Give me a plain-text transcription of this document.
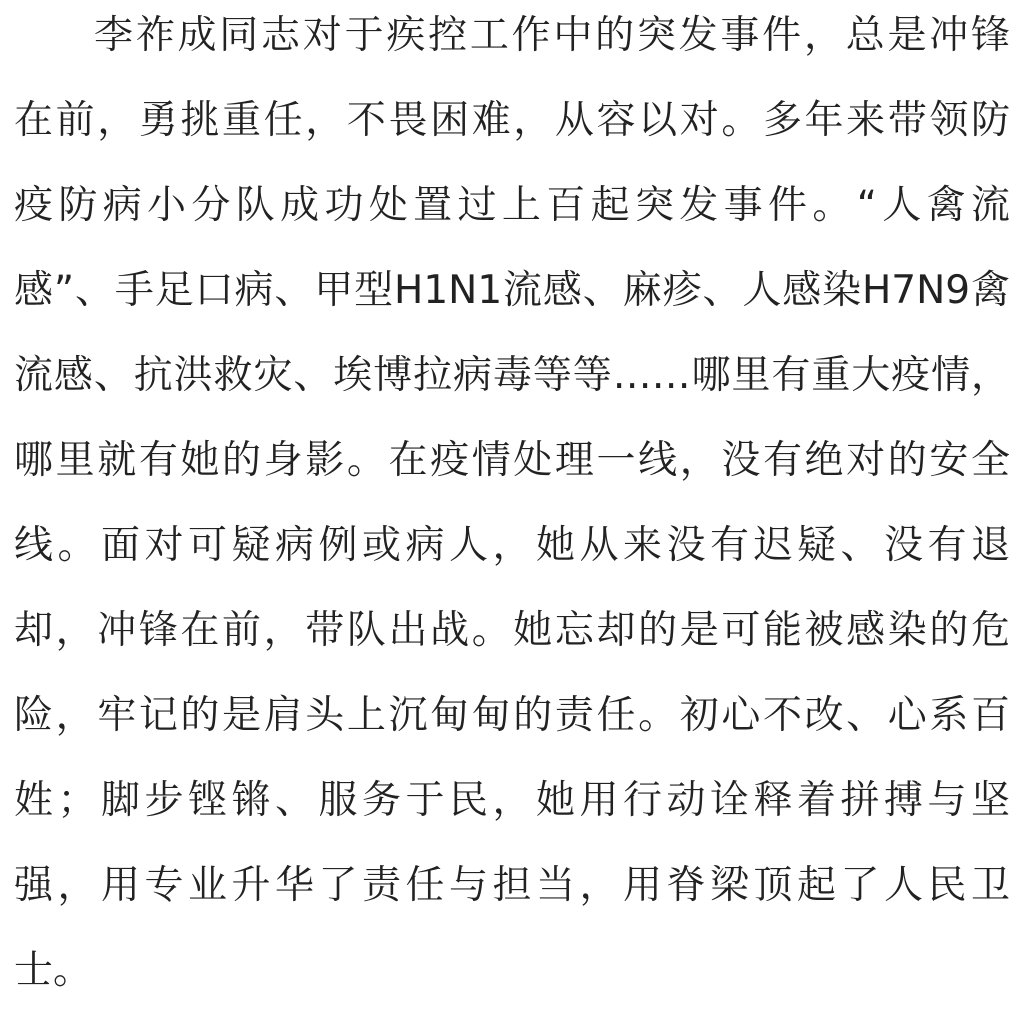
李祚成同志对于疾控工作中的突发事件，总是冲锋
在前，勇挑重任，不畏困难，从容以对。多年来带领防
疫防病小分队成功处置过上百起突发事件。“人禽流
感”、手足口病、甲型H1N1流感、麻疹、人感染H7N9禽
流感、抗洪救灾、埃博拉病毒等等……哪里有重大疫情，
哪里就有她的身影。在疫情处理一线，没有绝对的安全
线。面对可疑病例或病人，她从来没有迟疑、没有退
却，冲锋在前，带队出战。她忘却的是可能被感染的危
险，牢记的是肩头上沉甸甸的责任。初心不改、心系百
姓；脚步铿锵、服务于民，她用行动诠释着拼搏与坚
强，用专业升华了责任与担当，用脊梁顶起了人民卫
士。
